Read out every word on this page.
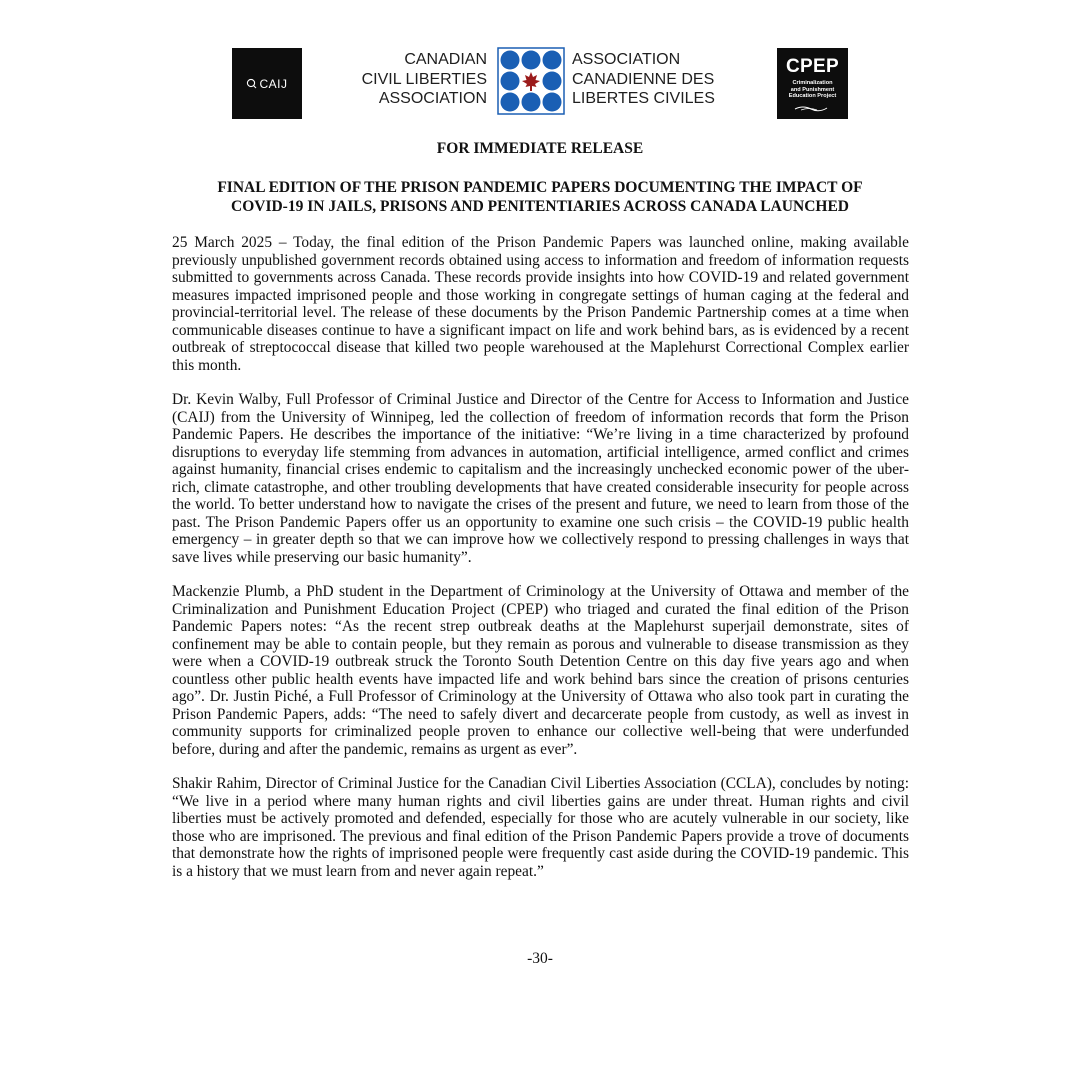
CAIJ
CANADIAN
CIVIL LIBERTIES
ASSOCIATION
ASSOCIATION
CANADIENNE DES
LIBERTES CIVILES
CPEP
Criminalization
and Punishment
Education Project
FOR IMMEDIATE RELEASE
FINAL EDITION OF THE PRISON PANDEMIC PAPERS DOCUMENTING THE IMPACT OF
COVID-19 IN JAILS, PRISONS AND PENITENTIARIES ACROSS CANADA LAUNCHED

25 March 2025 – Today, the final edition of the Prison Pandemic Papers was launched online, making available previously unpublished government records obtained using access to information and freedom of information requests submitted to governments across Canada. These records provide insights into how COVID-19 and related government measures impacted imprisoned people and those working in congregate settings of human caging at the federal and provincial-territorial level. The release of these documents by the Prison Pandemic Partnership comes at a time when communicable diseases continue to have a significant impact on life and work behind bars, as is evidenced by a recent outbreak of streptococcal disease that killed two people warehoused at the Maplehurst Correctional Complex earlier this month.

Dr. Kevin Walby, Full Professor of Criminal Justice and Director of the Centre for Access to Information and Justice (CAIJ) from the University of Winnipeg, led the collection of freedom of information records that form the Prison Pandemic Papers. He describes the importance of the initiative: “We’re living in a time characterized by profound disruptions to everyday life stemming from advances in automation, artificial intelligence, armed conflict and crimes against humanity, financial crises endemic to capitalism and the increasingly unchecked economic power of the uber-rich, climate catastrophe, and other troubling developments that have created considerable insecurity for people across the world. To better understand how to navigate the crises of the present and future, we need to learn from those of the past. The Prison Pandemic Papers offer us an opportunity to examine one such crisis – the COVID-19 public health emergency – in greater depth so that we can improve how we collectively respond to pressing challenges in ways that save lives while preserving our basic humanity”.

Mackenzie Plumb, a PhD student in the Department of Criminology at the University of Ottawa and member of the Criminalization and Punishment Education Project (CPEP) who triaged and curated the final edition of the Prison Pandemic Papers notes: “As the recent strep outbreak deaths at the Maplehurst superjail demonstrate, sites of confinement may be able to contain people, but they remain as porous and vulnerable to disease transmission as they were when a COVID-19 outbreak struck the Toronto South Detention Centre on this day five years ago and when countless other public health events have impacted life and work behind bars since the creation of prisons centuries ago”. Dr. Justin Piché, a Full Professor of Criminology at the University of Ottawa who also took part in curating the Prison Pandemic Papers, adds: “The need to safely divert and decarcerate people from custody, as well as invest in community supports for criminalized people proven to enhance our collective well-being that were underfunded before, during and after the pandemic, remains as urgent as ever”.

Shakir Rahim, Director of Criminal Justice for the Canadian Civil Liberties Association (CCLA), concludes by noting: “We live in a period where many human rights and civil liberties gains are under threat. Human rights and civil liberties must be actively promoted and defended, especially for those who are acutely vulnerable in our society, like those who are imprisoned. The previous and final edition of the Prison Pandemic Papers provide a trove of documents that demonstrate how the rights of imprisoned people were frequently cast aside during the COVID-19 pandemic. This is a history that we must learn from and never again repeat.”

-30-
